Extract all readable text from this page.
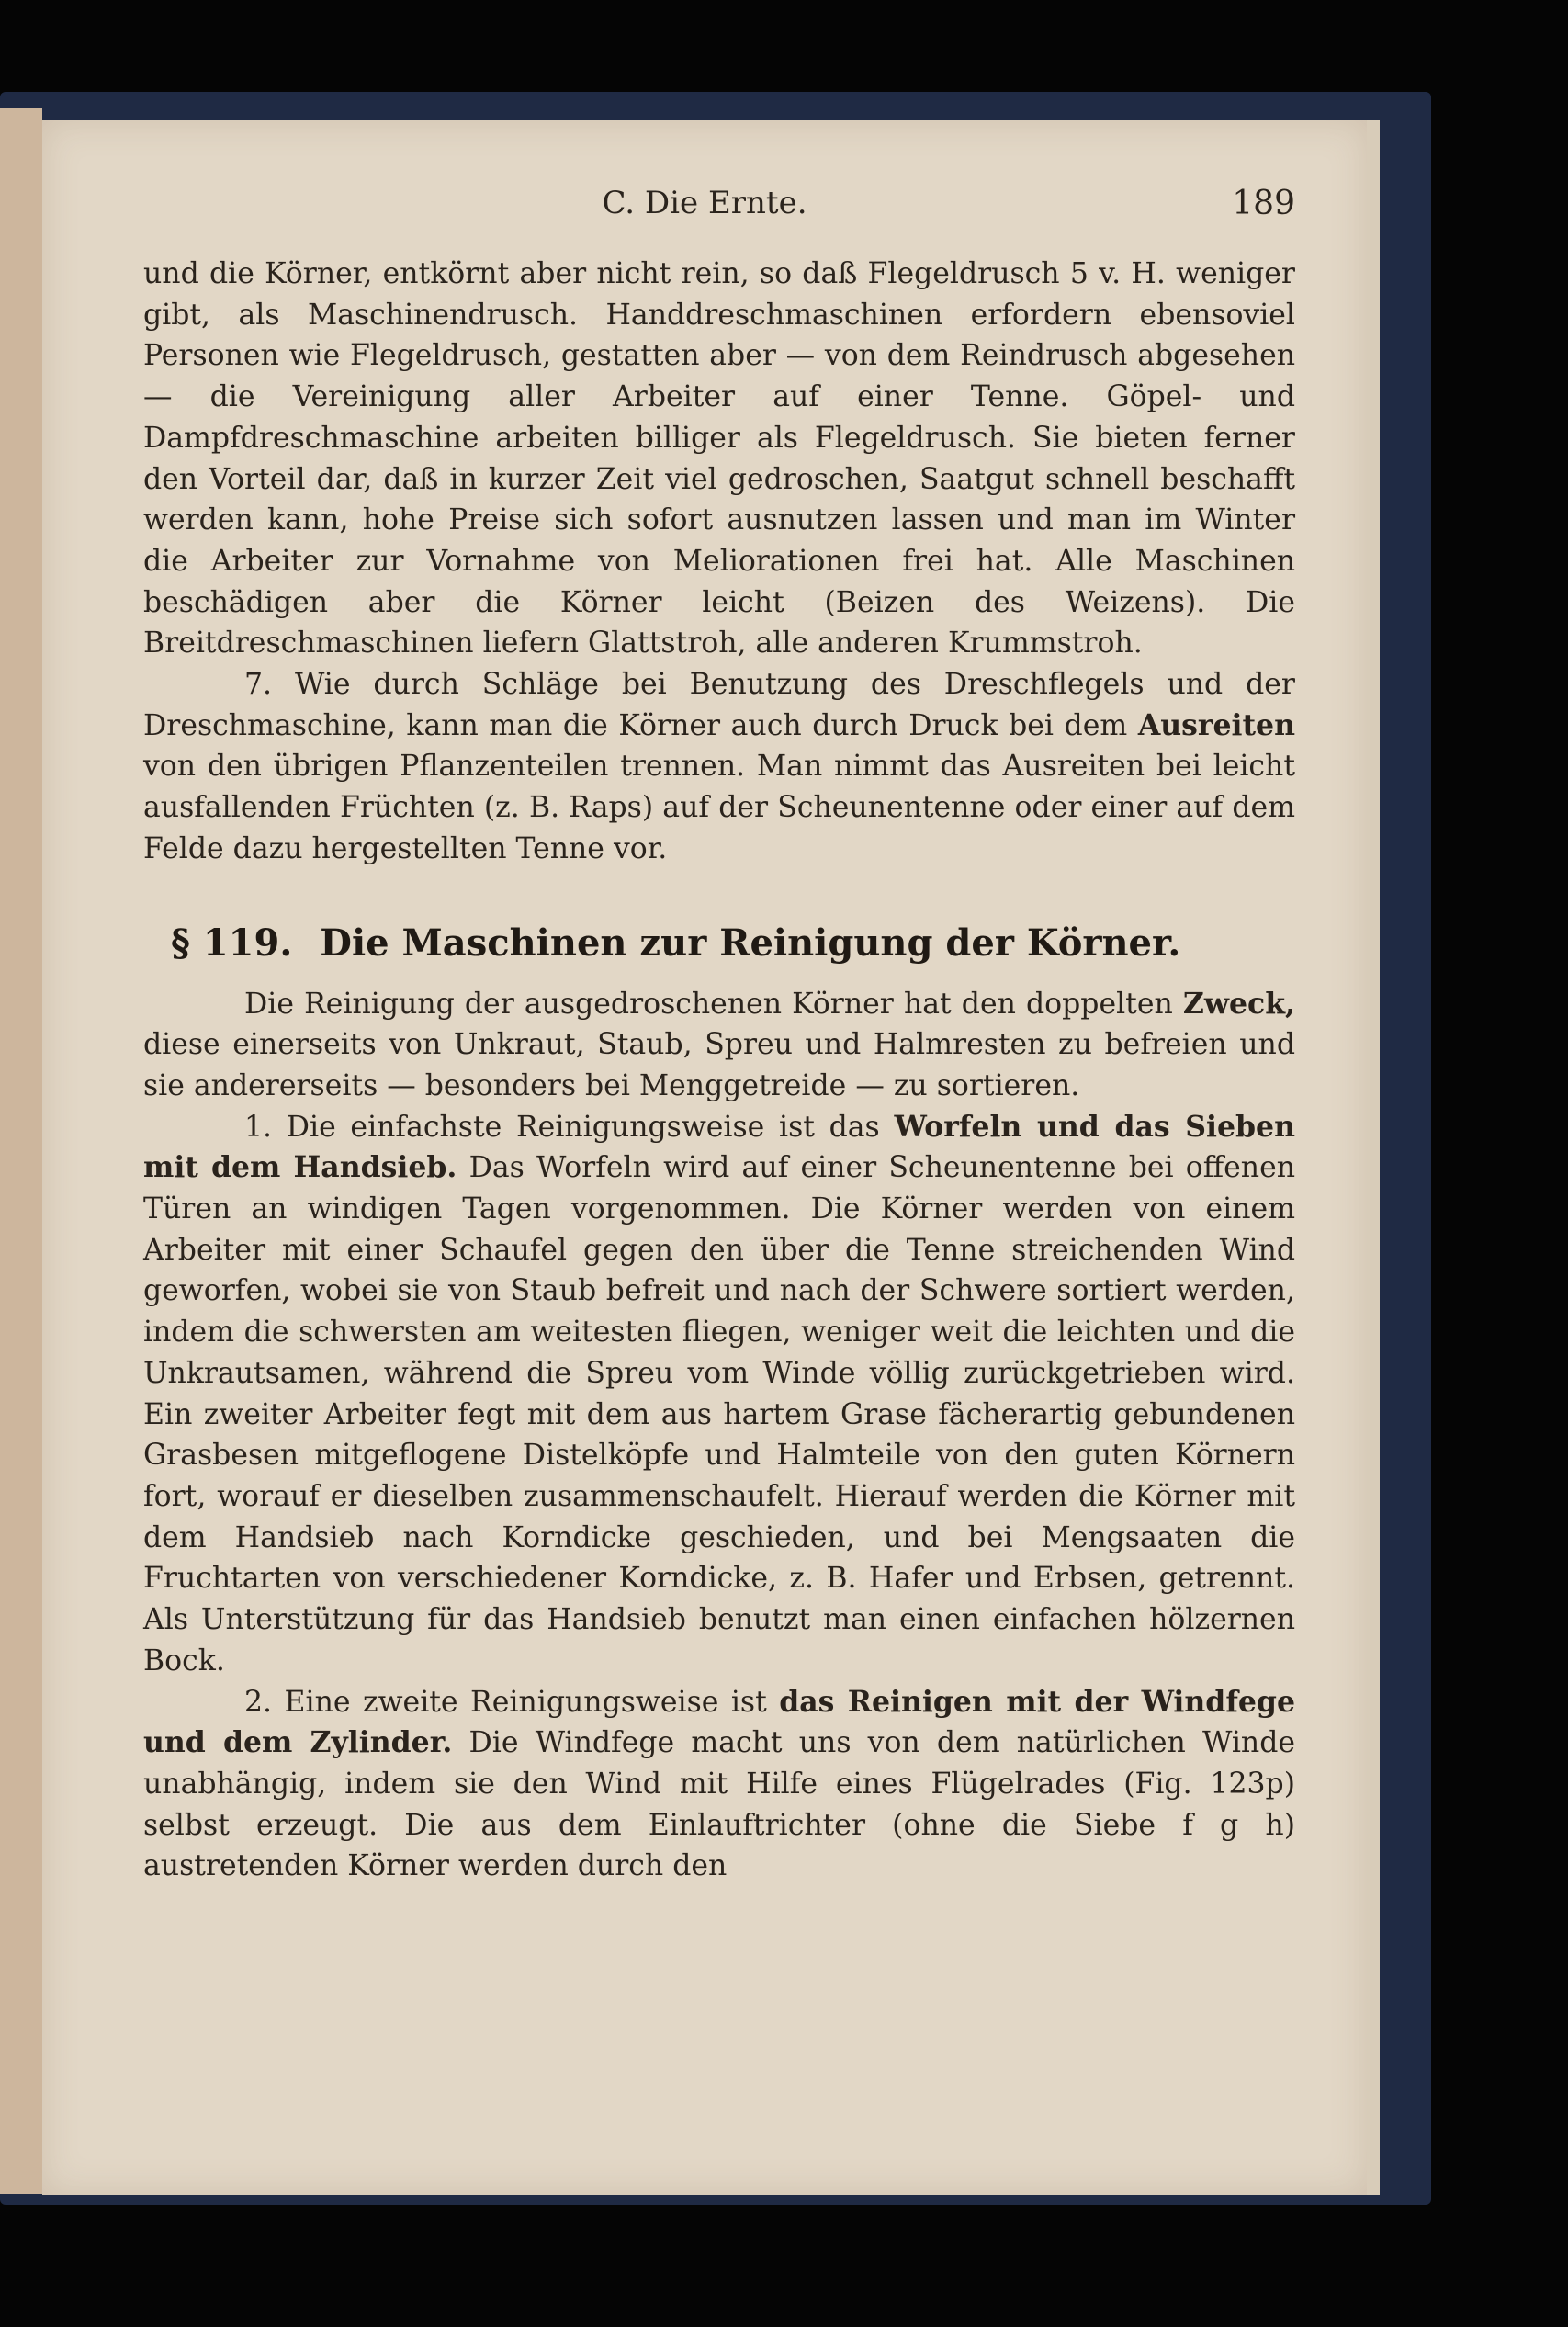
C. Die Ernte.	189

und die Körner, entkörnt aber nicht rein, so daß Flegeldrusch 5 v. H. weniger gibt, als Maschinendrusch. Handdreschmaschinen erfordern ebensoviel Personen wie Flegeldrusch, gestatten aber — von dem Reindrusch abgesehen — die Vereinigung aller Arbeiter auf einer Tenne. Göpel- und Dampfdreschmaschine arbeiten billiger als Flegeldrusch. Sie bieten ferner den Vorteil dar, daß in kurzer Zeit viel gedroschen, Saatgut schnell beschafft werden kann, hohe Preise sich sofort ausnutzen lassen und man im Winter die Arbeiter zur Vornahme von Meliorationen frei hat. Alle Maschinen beschädigen aber die Körner leicht (Beizen des Weizens). Die Breitdreschmaschinen liefern Glattstroh, alle anderen Krummstroh.

7. Wie durch Schläge bei Benutzung des Dreschflegels und der Dreschmaschine, kann man die Körner auch durch Druck bei dem Ausreiten von den übrigen Pflanzenteilen trennen. Man nimmt das Ausreiten bei leicht ausfallenden Früchten (z. B. Raps) auf der Scheunentenne oder einer auf dem Felde dazu hergestellten Tenne vor.

§ 119. Die Maschinen zur Reinigung der Körner.

Die Reinigung der ausgedroschenen Körner hat den doppelten Zweck, diese einerseits von Unkraut, Staub, Spreu und Halmresten zu befreien und sie andererseits — besonders bei Menggetreide — zu sortieren.

1. Die einfachste Reinigungsweise ist das Worfeln und das Sieben mit dem Handsieb. Das Worfeln wird auf einer Scheunentenne bei offenen Türen an windigen Tagen vorgenommen. Die Körner werden von einem Arbeiter mit einer Schaufel gegen den über die Tenne streichenden Wind geworfen, wobei sie von Staub befreit und nach der Schwere sortiert werden, indem die schwersten am weitesten fliegen, weniger weit die leichten und die Unkrautsamen, während die Spreu vom Winde völlig zurückgetrieben wird. Ein zweiter Arbeiter fegt mit dem aus hartem Grase fächerartig gebundenen Grasbesen mitgeflogene Distelköpfe und Halmteile von den guten Körnern fort, worauf er dieselben zusammenschaufelt. Hierauf werden die Körner mit dem Handsieb nach Korndicke geschieden, und bei Mengsaaten die Fruchtarten von verschiedener Korndicke, z. B. Hafer und Erbsen, getrennt. Als Unterstützung für das Handsieb benutzt man einen einfachen hölzernen Bock.

2. Eine zweite Reinigungsweise ist das Reinigen mit der Windfege und dem Zylinder. Die Windfege macht uns von dem natürlichen Winde unabhängig, indem sie den Wind mit Hilfe eines Flügelrades (Fig. 123p) selbst erzeugt. Die aus dem Einlauftrichter (ohne die Siebe f g h) austretenden Körner werden durch den
